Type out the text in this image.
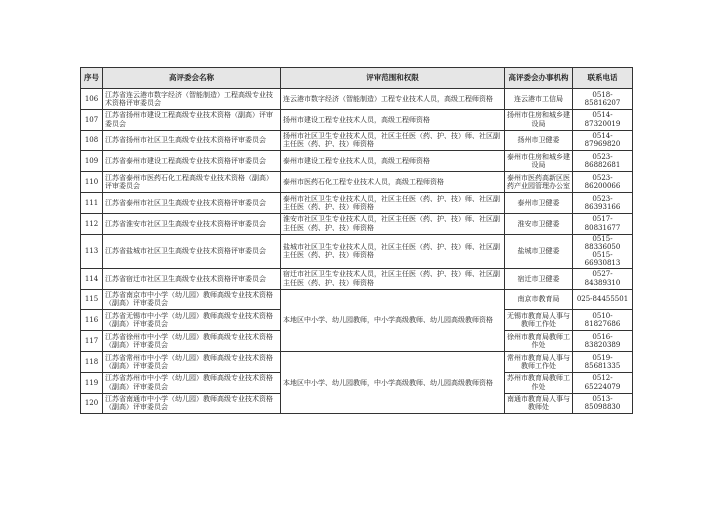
序号	高评委会名称	评审范围和权限	高评委会办事机构	联系电话
106	江苏省连云港市数字经济（智能制造）工程高级专业技术资格评审委员会	连云港市数字经济（智能制造）工程专业技术人员，高级工程师资格	连云港市工信局	0518-85816207
107	江苏省扬州市建设工程高级专业技术资格（副高）评审委员会	扬州市建设工程专业技术人员，高级工程师资格	扬州市住房和城乡建设局	0514-87320019
108	江苏省扬州市社区卫生高级专业技术资格评审委员会	扬州市社区卫生专业技术人员，社区主任医（药、护、技）师、社区副主任医（药、护、技）师资格	扬州市卫健委	0514-87969820
109	江苏省泰州市建设工程高级专业技术资格评审委员会	泰州市建设工程专业技术人员，高级工程师资格	泰州市住房和城乡建设局	0523-86882681
110	江苏省泰州市医药石化工程高级专业技术资格（副高）评审委员会	泰州市医药石化工程专业技术人员，高级工程师资格	泰州市医药高新区医药产业园管理办公室	0523-86200066
111	江苏省泰州市社区卫生高级专业技术资格评审委员会	泰州市社区卫生专业技术人员，社区主任医（药、护、技）师、社区副主任医（药、护、技）师资格	泰州市卫健委	0523-86393166
112	江苏省淮安市社区卫生高级专业技术资格评审委员会	淮安市社区卫生专业技术人员，社区主任医（药、护、技）师、社区副主任医（药、护、技）师资格	淮安市卫健委	0517-80831677
113	江苏省盐城市社区卫生高级专业技术资格评审委员会	盐城市社区卫生专业技术人员，社区主任医（药、护、技）师、社区副主任医（药、护、技）师资格	盐城市卫健委	0515-88336050 0515-66930813
114	江苏省宿迁市社区卫生高级专业技术资格评审委员会	宿迁市社区卫生专业技术人员，社区主任医（药、护、技）师、社区副主任医（药、护、技）师资格	宿迁市卫健委	0527-84389310
115	江苏省南京市中小学（幼儿园）教师高级专业技术资格（副高）评审委员会	本地区中小学、幼儿园教师，中小学高级教师、幼儿园高级教师资格	南京市教育局	025-84455501
116	江苏省无锡市中小学（幼儿园）教师高级专业技术资格（副高）评审委员会		无锡市教育局人事与教师工作处	0510-81827686
117	江苏省徐州市中小学（幼儿园）教师高级专业技术资格（副高）评审委员会		徐州市教育局教师工作处	0516-83820389
118	江苏省常州市中小学（幼儿园）教师高级专业技术资格（副高）评审委员会	本地区中小学、幼儿园教师，中小学高级教师、幼儿园高级教师资格	常州市教育局人事与教师工作处	0519-85681335
119	江苏省苏州市中小学（幼儿园）教师高级专业技术资格（副高）评审委员会		苏州市教育局教师工作处	0512-65224079
120	江苏省南通市中小学（幼儿园）教师高级专业技术资格（副高）评审委员会		南通市教育局人事与教师处	0513-85098830
